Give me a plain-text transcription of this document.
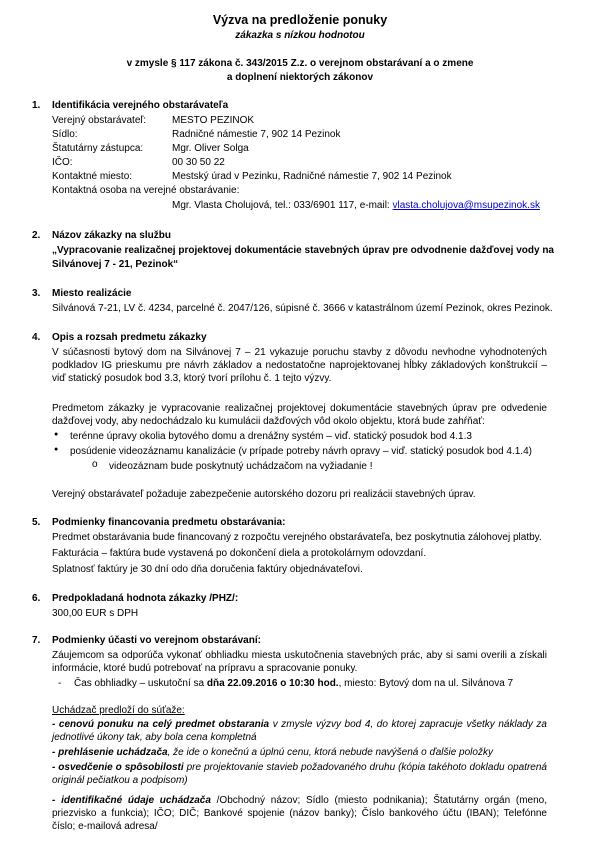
Výzva na predloženie ponuky
zákazka s nízkou hodnotou
v zmysle § 117 zákona č. 343/2015 Z.z. o verejnom obstarávaní a o zmene
a doplnení niektorých zákonov
1. Identifikácia verejného obstarávateľa
Verejný obstarávateľ:	MESTO PEZINOK
Sídlo:	Radničné námestie 7, 902 14 Pezinok
Štatutárny zástupca:	Mgr. Oliver Solga
IČO:	00 30 50 22
Kontaktné miesto:	Mestský úrad v Pezinku, Radničné námestie 7, 902 14 Pezinok
Kontaktná osoba na verejné obstarávanie:
Mgr. Vlasta Cholujová, tel.: 033/6901 117, e-mail: vlasta.cholujova@msupezinok.sk
2. Názov zákazky na službu
„Vypracovanie realizačnej projektovej dokumentácie stavebných úprav pre odvodnenie dažďovej vody na
Silvánovej 7 - 21, Pezinok“
3. Miesto realizácie
Silvánová 7-21, LV č. 4234, parcelné č. 2047/126, súpisné č. 3666 v katastrálnom území Pezinok, okres Pezinok.
4. Opis a rozsah predmetu zákazky
V súčasnosti bytový dom na Silvánovej 7 – 21 vykazuje poruchu stavby z dôvodu nevhodne vyhodnotených podkladov IG prieskumu pre návrh základov a nedostatočne naprojektovanej hĺbky základových konštrukcií – viď statický posudok bod 3.3, ktorý tvorí prílohu č. 1 tejto výzvy.
Predmetom zákazky je vypracovanie realizačnej projektovej dokumentácie stavebných úprav pre odvedenie dažďovej vody, aby nedochádzalo ku kumulácii dažďových vôd okolo objektu, ktorá bude zahŕňať:
● terénne úpravy okolia bytového domu a drenážny systém – viď. statický posudok bod 4.1.3
● posúdenie videozáznamu kanalizácie (v prípade potreby návrh opravy – viď. statický posudok bod 4.1.4)
o videozáznam bude poskytnutý uchádzačom na vyžiadanie !
Verejný obstarávateľ požaduje zabezpečenie autorského dozoru pri realizácii stavebných úprav.
5. Podmienky financovania predmetu obstarávania:
Predmet obstarávania bude financovaný z rozpočtu verejného obstarávateľa, bez poskytnutia zálohovej platby.
Fakturácia – faktúra bude vystavená po dokončení diela a protokolárnym odovzdaní.
Splatnosť faktúry je 30 dní odo dňa doručenia faktúry objednávateľovi.
6. Predpokladaná hodnota zákazky /PHZ/:
300,00 EUR s DPH
7. Podmienky účasti vo verejnom obstarávaní:
Záujemcom sa odporúča vykonať obhliadku miesta uskutočnenia stavebných prác, aby si sami overili a získali informácie, ktoré budú potrebovať na prípravu a spracovanie ponuky.
- Čas obhliadky – uskutoční sa dňa 22.09.2016 o 10:30 hod., miesto: Bytový dom na ul. Silvánova 7
Uchádzač predloží do súťaže:
- cenovú ponuku na celý predmet obstarania v zmysle výzvy bod 4, do ktorej zapracuje všetky náklady za jednotlivé úkony tak, aby bola cena kompletná
- prehlásenie uchádzača, že ide o konečnú a úplnú cenu, ktorá nebude navýšená o ďalšie položky
- osvedčenie o spôsobilosti pre projektovanie stavieb požadovaného druhu (kópia takéhoto dokladu opatrená originál pečiatkou a podpisom)
- identifikačné údaje uchádzača /Obchodný názov; Sídlo (miesto podnikania); Štatutárny orgán (meno, priezvisko a funkcia); IČO; DIČ; Bankové spojenie (názov banky); Číslo bankového účtu (IBAN); Telefónne číslo; e-mailová adresa/
